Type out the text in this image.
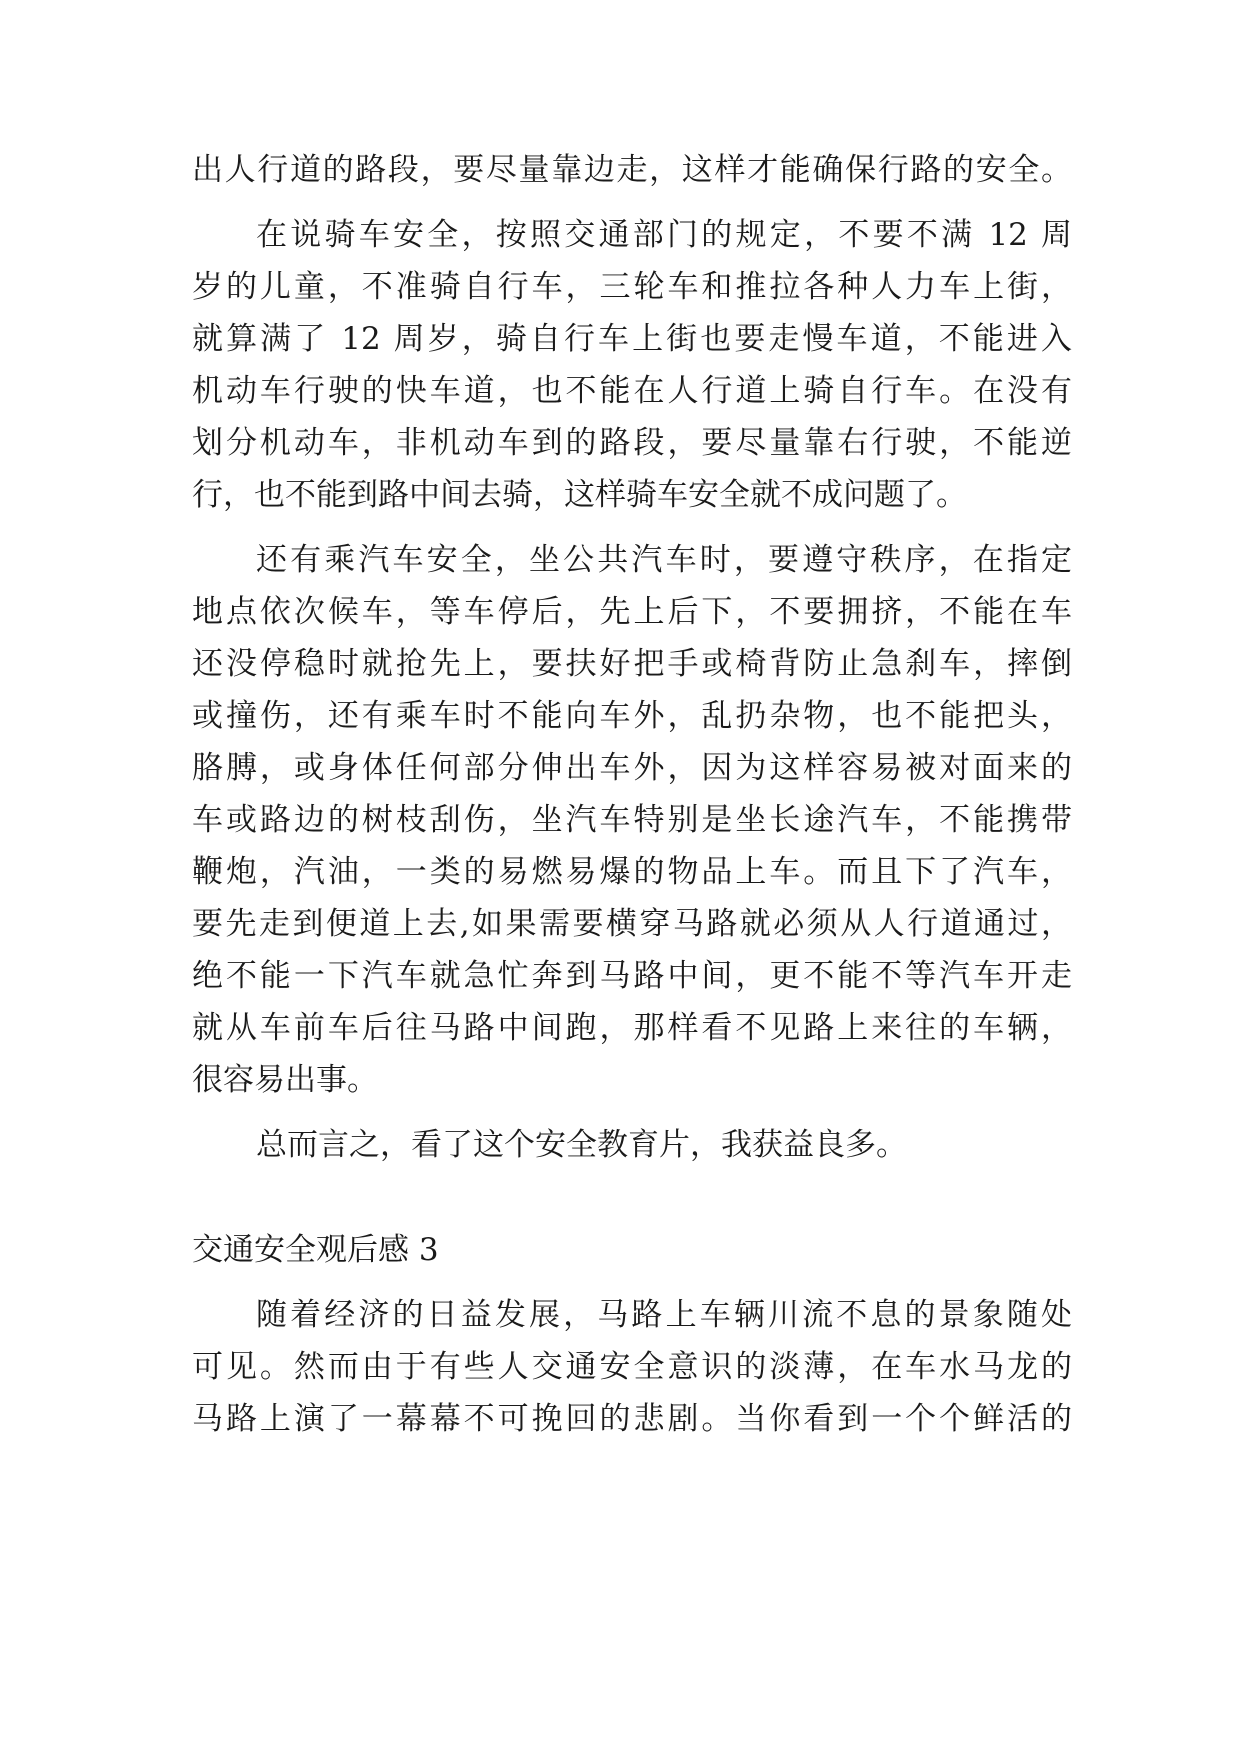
出人行道的路段，要尽量靠边走，这样才能确保行路的安全。
在说骑车安全，按照交通部门的规定，不要不满 12 周
岁的儿童，不准骑自行车，三轮车和推拉各种人力车上街，
就算满了 12 周岁，骑自行车上街也要走慢车道，不能进入
机动车行驶的快车道，也不能在人行道上骑自行车。在没有
划分机动车，非机动车到的路段，要尽量靠右行驶，不能逆
行，也不能到路中间去骑，这样骑车安全就不成问题了。
还有乘汽车安全，坐公共汽车时，要遵守秩序，在指定
地点依次候车，等车停后，先上后下，不要拥挤，不能在车
还没停稳时就抢先上，要扶好把手或椅背防止急刹车，摔倒
或撞伤，还有乘车时不能向车外，乱扔杂物，也不能把头，
胳膊，或身体任何部分伸出车外，因为这样容易被对面来的
车或路边的树枝刮伤，坐汽车特别是坐长途汽车，不能携带
鞭炮，汽油，一类的易燃易爆的物品上车。而且下了汽车，
要先走到便道上去,如果需要横穿马路就必须从人行道通过，
绝不能一下汽车就急忙奔到马路中间，更不能不等汽车开走
就从车前车后往马路中间跑，那样看不见路上来往的车辆，
很容易出事。
总而言之，看了这个安全教育片，我获益良多。
交通安全观后感 3
随着经济的日益发展，马路上车辆川流不息的景象随处
可见。然而由于有些人交通安全意识的淡薄，在车水马龙的
马路上演了一幕幕不可挽回的悲剧。当你看到一个个鲜活的
